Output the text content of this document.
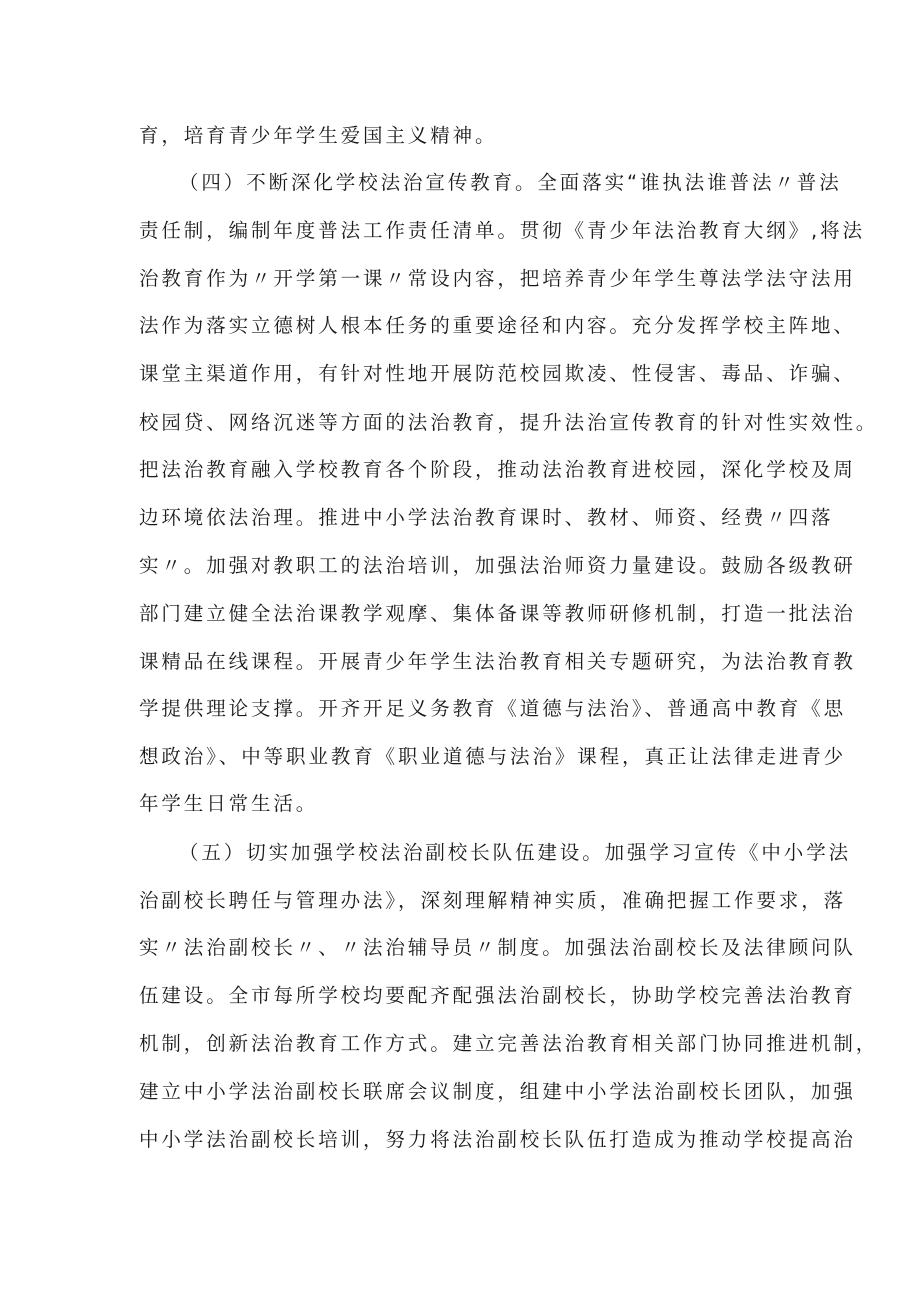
育，培育青少年学生爱国主义精神。
（四）不断深化学校法治宣传教育。全面落实“谁执法谁普法〃普法
责任制，编制年度普法工作责任清单。贯彻《青少年法治教育大纲》,将法
治教育作为〃开学第一课〃常设内容，把培养青少年学生尊法学法守法用
法作为落实立德树人根本任务的重要途径和内容。充分发挥学校主阵地、
课堂主渠道作用，有针对性地开展防范校园欺凌、性侵害、毒品、诈骗、
校园贷、网络沉迷等方面的法治教育，提升法治宣传教育的针对性实效性。
把法治教育融入学校教育各个阶段，推动法治教育进校园，深化学校及周
边环境依法治理。推进中小学法治教育课时、教材、师资、经费〃四落
实〃。加强对教职工的法治培训，加强法治师资力量建设。鼓励各级教研
部门建立健全法治课教学观摩、集体备课等教师研修机制，打造一批法治
课精品在线课程。开展青少年学生法治教育相关专题研究，为法治教育教
学提供理论支撑。开齐开足义务教育《道德与法治》、普通高中教育《思
想政治》、中等职业教育《职业道德与法治》课程，真正让法律走进青少
年学生日常生活。
（五）切实加强学校法治副校长队伍建设。加强学习宣传《中小学法
治副校长聘任与管理办法》，深刻理解精神实质，准确把握工作要求，落
实〃法治副校长〃、〃法治辅导员〃制度。加强法治副校长及法律顾问队
伍建设。全市每所学校均要配齐配强法治副校长，协助学校完善法治教育
机制，创新法治教育工作方式。建立完善法治教育相关部门协同推进机制，
建立中小学法治副校长联席会议制度，组建中小学法治副校长团队，加强
中小学法治副校长培训，努力将法治副校长队伍打造成为推动学校提高治
